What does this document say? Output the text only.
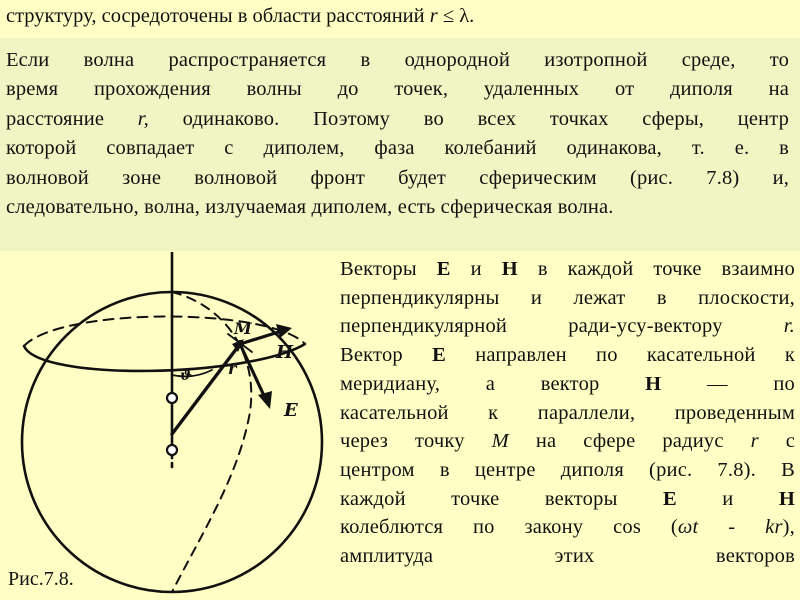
структуру, сосредоточены в области расстояний r ≤ λ.

Если волна распространяется в однородной изотропной среде, то
время прохождения волны до точек, удаленных от диполя на
расстояние r, одинаково. Поэтому во всех точках сферы, центр
которой совпадает с диполем, фаза колебаний одинакова, т. е. в
волновой зоне волновой фронт будет сферическим (рис. 7.8) и,
следовательно, волна, излучаемая диполем, есть сферическая волна.

M
H
E
r
ϑ

Векторы E и H в каждой точке взаимно
перпендикулярны и лежат в плоскости,
перпендикулярной ради-усу-вектору r.
Вектор E направлен по касательной к
меридиану, а вектор H — по
касательной к параллели, проведенным
через точку M на сфере радиус r с
центром в центре диполя (рис. 7.8). В
каждой точке векторы E и H
колеблются по закону cos (ωt - kr),
амплитуда этих векторов

Рис.7.8.
